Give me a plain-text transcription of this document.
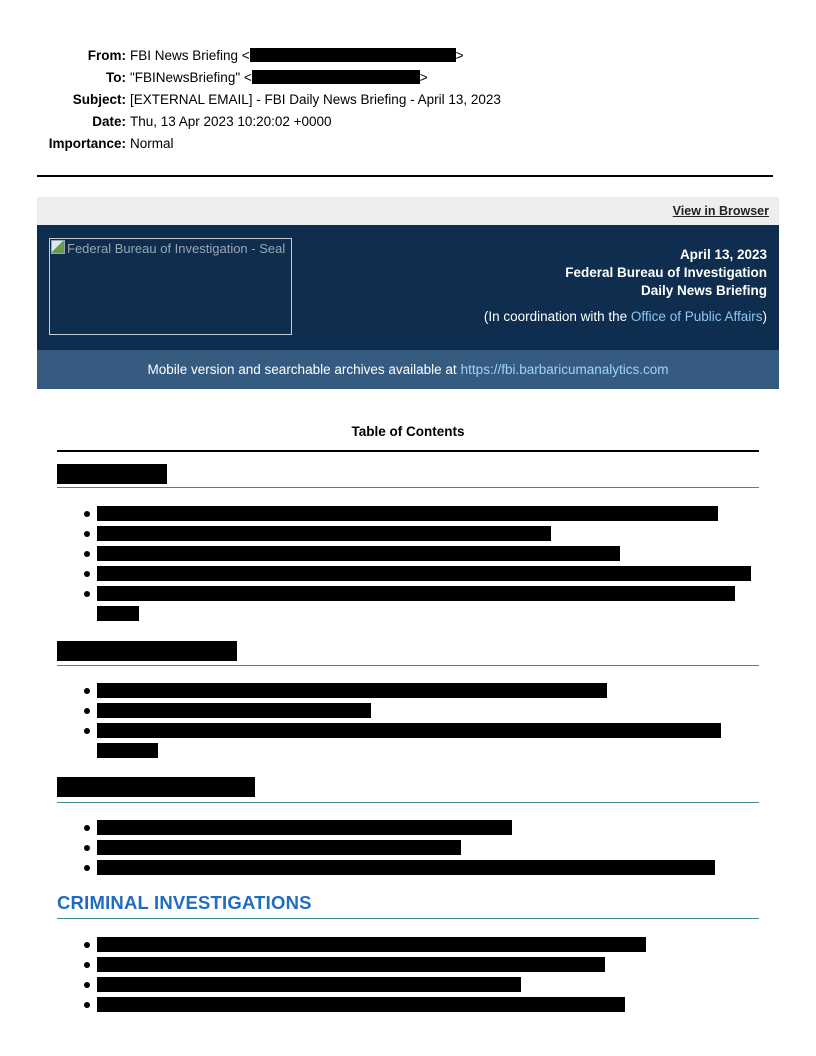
From: FBI News Briefing <	>
To: "FBINewsBriefing" <	>
Subject: [EXTERNAL EMAIL] - FBI Daily News Briefing - April 13, 2023
Date: Thu, 13 Apr 2023 10:20:02 +0000
Importance: Normal
View in Browser
Federal Bureau of Investigation - Seal	April 13, 2023
Federal Bureau of Investigation
Daily News Briefing
(In coordination with the Office of Public Affairs)
Mobile version and searchable archives available at https://fbi.barbaricumanalytics.com
Table of Contents
CRIMINAL INVESTIGATIONS
